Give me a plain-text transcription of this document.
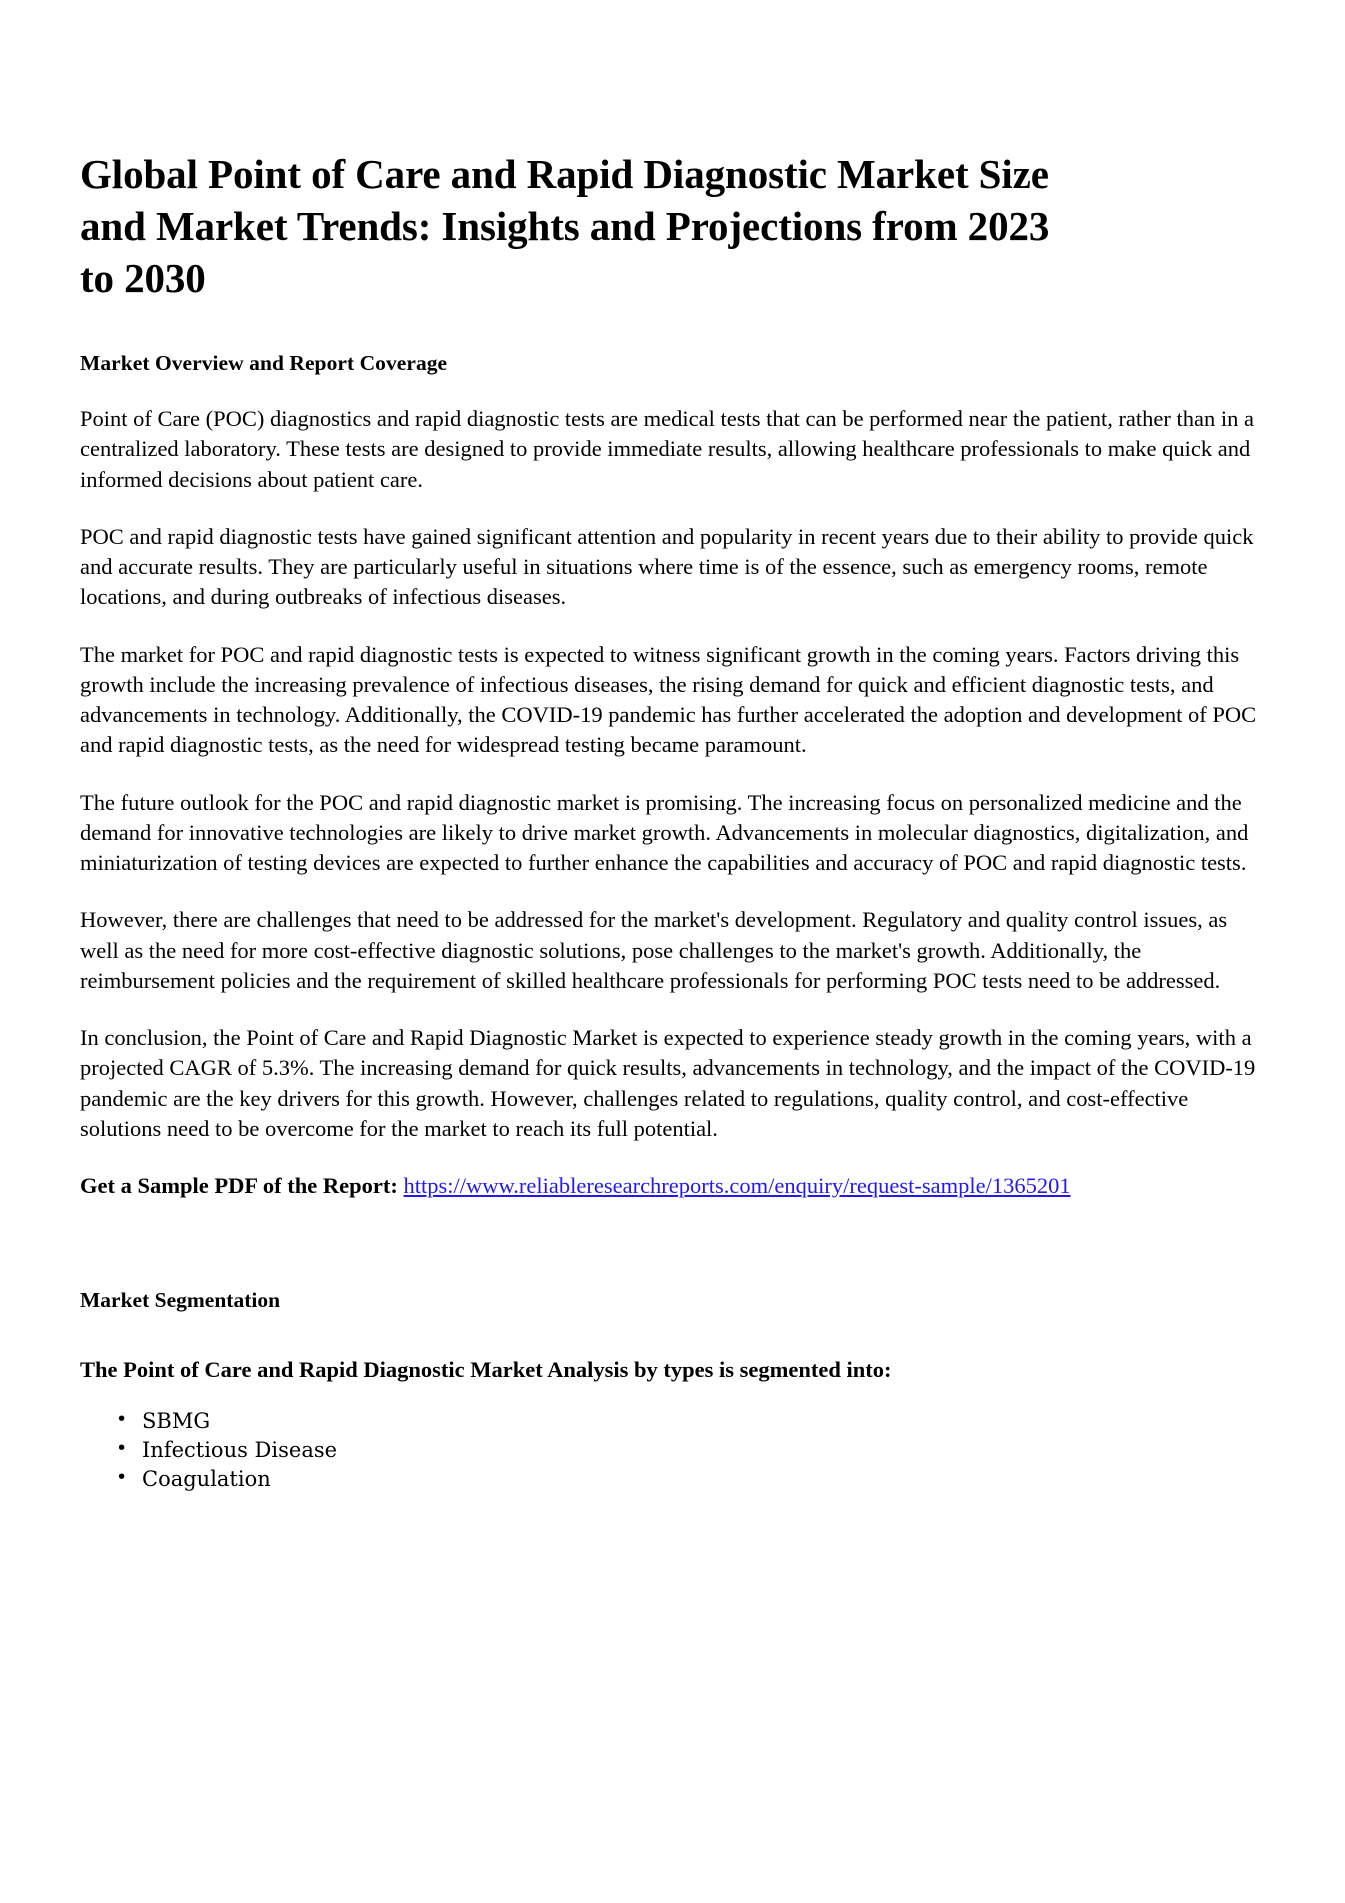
Global Point of Care and Rapid Diagnostic Market Size and Market Trends: Insights and Projections from 2023 to 2030
Market Overview and Report Coverage

Point of Care (POC) diagnostics and rapid diagnostic tests are medical tests that can be performed near the patient, rather than in a centralized laboratory. These tests are designed to provide immediate results, allowing healthcare professionals to make quick and informed decisions about patient care.

POC and rapid diagnostic tests have gained significant attention and popularity in recent years due to their ability to provide quick and accurate results. They are particularly useful in situations where time is of the essence, such as emergency rooms, remote locations, and during outbreaks of infectious diseases.

The market for POC and rapid diagnostic tests is expected to witness significant growth in the coming years. Factors driving this growth include the increasing prevalence of infectious diseases, the rising demand for quick and efficient diagnostic tests, and advancements in technology. Additionally, the COVID-19 pandemic has further accelerated the adoption and development of POC and rapid diagnostic tests, as the need for widespread testing became paramount.

The future outlook for the POC and rapid diagnostic market is promising. The increasing focus on personalized medicine and the demand for innovative technologies are likely to drive market growth. Advancements in molecular diagnostics, digitalization, and miniaturization of testing devices are expected to further enhance the capabilities and accuracy of POC and rapid diagnostic tests.

However, there are challenges that need to be addressed for the market's development. Regulatory and quality control issues, as well as the need for more cost-effective diagnostic solutions, pose challenges to the market's growth. Additionally, the reimbursement policies and the requirement of skilled healthcare professionals for performing POC tests need to be addressed.

In conclusion, the Point of Care and Rapid Diagnostic Market is expected to experience steady growth in the coming years, with a projected CAGR of 5.3%. The increasing demand for quick results, advancements in technology, and the impact of the COVID-19 pandemic are the key drivers for this growth. However, challenges related to regulations, quality control, and cost-effective solutions need to be overcome for the market to reach its full potential.

Get a Sample PDF of the Report: https://www.reliableresearchreports.com/enquiry/request-sample/1365201

Market Segmentation
The Point of Care and Rapid Diagnostic Market Analysis by types is segmented into:
• SBMG
• Infectious Disease
• Coagulation
